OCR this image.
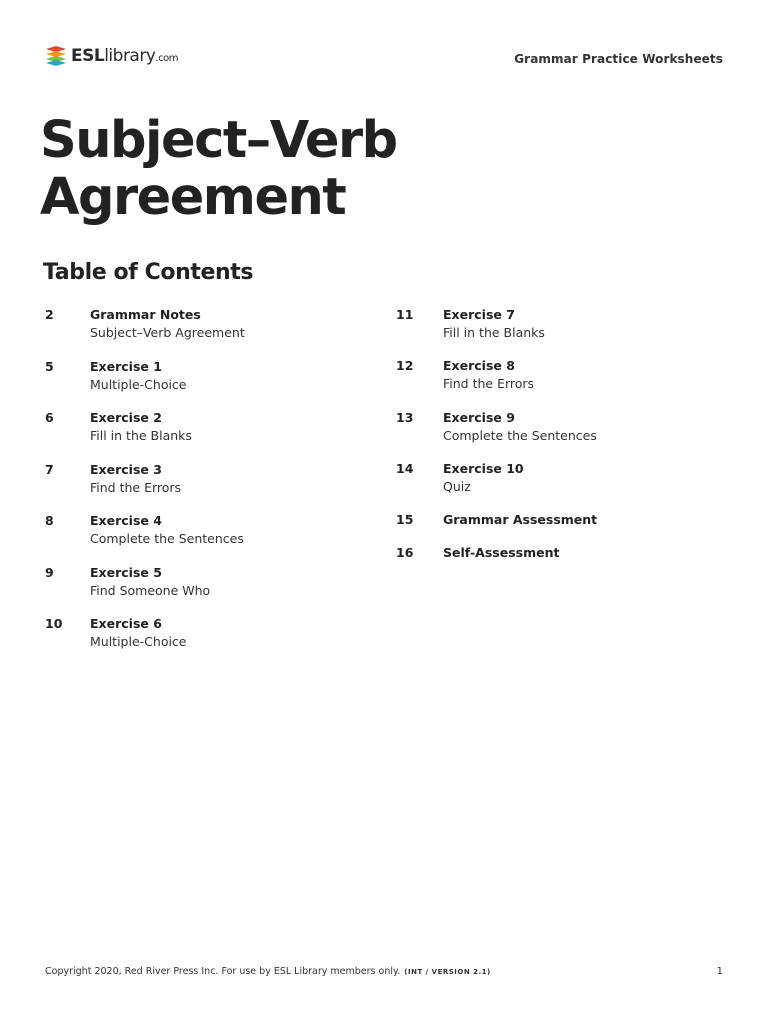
ESLlibrary.com	Grammar Practice Worksheets
Subject–Verb
Agreement
Table of Contents
2	Grammar Notes
Subject–Verb Agreement
5	Exercise 1
Multiple-Choice
6	Exercise 2
Fill in the Blanks
7	Exercise 3
Find the Errors
8	Exercise 4
Complete the Sentences
9	Exercise 5
Find Someone Who
10 Exercise 6
Multiple-Choice
11 Exercise 7
Fill in the Blanks
12 Exercise 8
Find the Errors
13 Exercise 9
Complete the Sentences
14 Exercise 10
Quiz
15 Grammar Assessment
16 Self-Assessment
Copyright 2020, Red River Press Inc. For use by ESL Library members only. (INT / VERSION 2.1)	1
